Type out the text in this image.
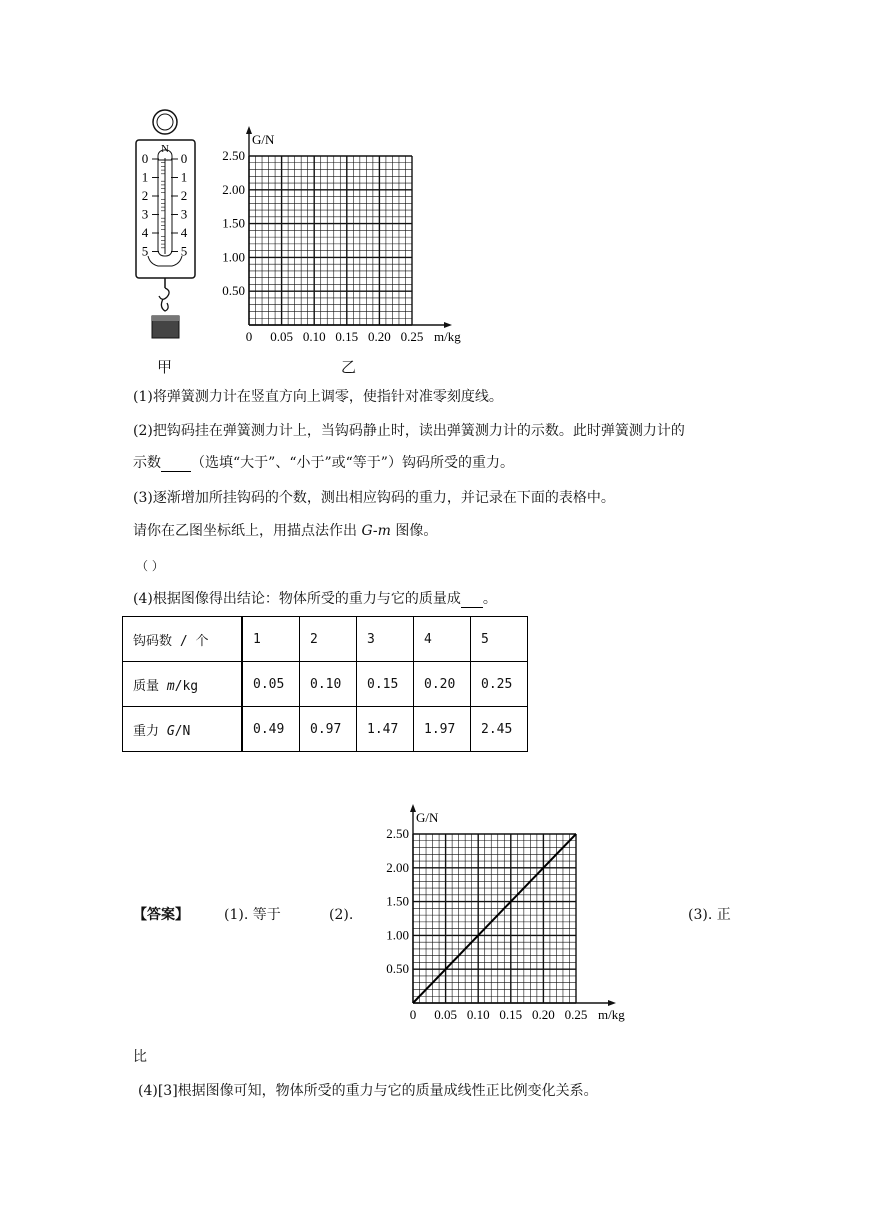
0
1
2
3
4
5
0
1
2
3
4
5
N
G/N
m/kg
0 0.05 0.10 0.15 0.20 0.25
0.50
1.00
1.50
2.00
2.50
甲	乙
(1)将弹簧测力计在竖直方向上调零，使指针对准零刻度线。
(2)把钩码挂在弹簧测力计上，当钩码静止时，读出弹簧测力计的示数。此时弹簧测力计的
示数 （选填“大于”、“小于”或“等于”）钩码所受的重力。
(3)逐渐增加所挂钩码的个数，测出相应钩码的重力，并记录在下面的表格中。
请你在乙图坐标纸上，用描点法作出 G-m 图像。
（ ）
(4)根据图像得出结论：物体所受的重力与它的质量成 。
钩码数 / 个	1	2	3	4	5
质量 m/kg	0.05	0.10	0.15	0.20	0.25
重力 G/N	0.49	0.97	1.47	1.97	2.45
【答案】	(1). 等于	(2).
G/N
m/kg
0 0.05 0.10 0.15 0.20 0.25
0.50
1.00
1.50
2.00
2.50
(3). 正
比
(4)[3]根据图像可知，物体所受的重力与它的质量成线性正比例变化关系。
